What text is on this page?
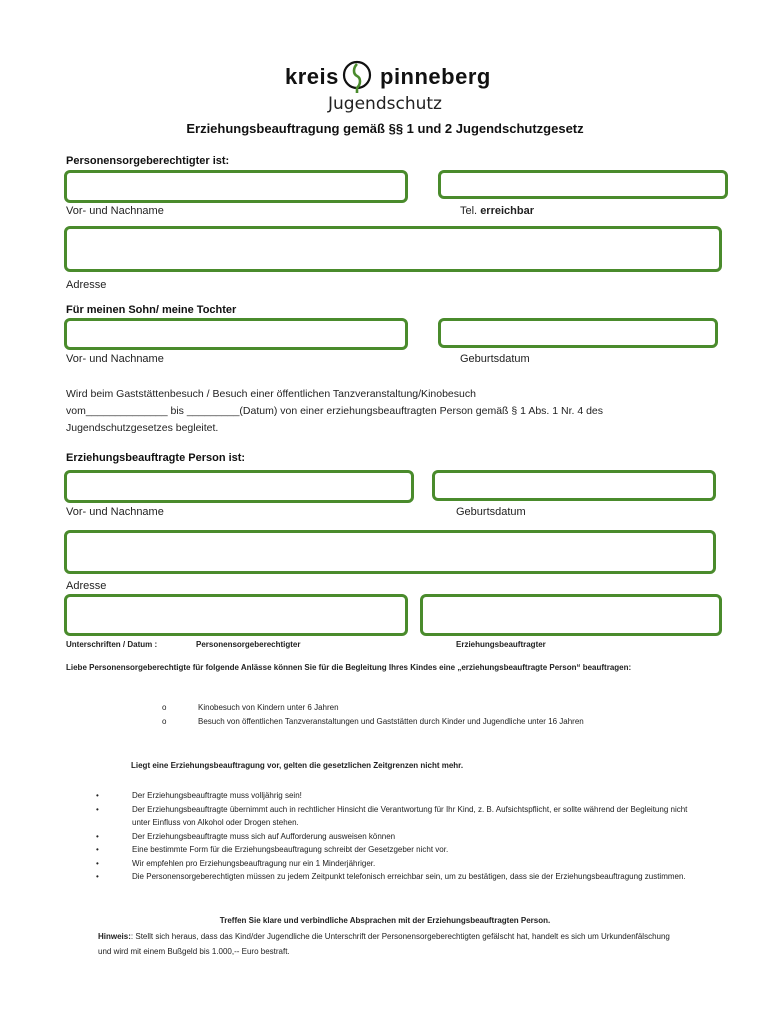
kreis pinneberg
Jugendschutz
Erziehungsbeauftragung gemäß §§ 1 und 2 Jugendschutzgesetz
Personensorgeberechtigter ist:
Vor- und Nachname	Tel. erreichbar
Adresse
Für meinen Sohn/ meine Tochter
Vor- und Nachname	Geburtsdatum
Wird beim Gaststättenbesuch / Besuch einer öffentlichen Tanzveranstaltung/Kinobesuch
vom______________ bis _________(Datum) von einer erziehungsbeauftragten Person gemäß § 1 Abs. 1 Nr. 4 des
Jugendschutzgesetzes begleitet.
Erziehungsbeauftragte Person ist:
Vor- und Nachname	Geburtsdatum
Adresse
Unterschriften / Datum :	Personensorgeberechtigter	Erziehungsbeauftragter
Liebe Personensorgeberechtigte für folgende Anlässe können Sie für die Begleitung Ihres Kindes eine „erziehungsbeauftragte Person“ beauftragen:
o	Kinobesuch von Kindern unter 6 Jahren
o	Besuch von öffentlichen Tanzveranstaltungen und Gaststätten durch Kinder und Jugendliche unter 16 Jahren
Liegt eine Erziehungsbeauftragung vor, gelten die gesetzlichen Zeitgrenzen nicht mehr.
•	Der Erziehungsbeauftragte muss volljährig sein!
•	Der Erziehungsbeauftragte übernimmt auch in rechtlicher Hinsicht die Verantwortung für Ihr Kind, z. B. Aufsichtspflicht, er sollte während der Begleitung nicht unter Einfluss von Alkohol oder Drogen stehen.
•	Der Erziehungsbeauftragte muss sich auf Aufforderung ausweisen können
•	Eine bestimmte Form für die Erziehungsbeauftragung schreibt der Gesetzgeber nicht vor.
•	Wir empfehlen pro Erziehungsbeauftragung nur ein 1 Minderjähriger.
•	Die Personensorgeberechtigten müssen zu jedem Zeitpunkt telefonisch erreichbar sein, um zu bestätigen, dass sie der Erziehungsbeauftragung zustimmen.
Treffen Sie klare und verbindliche Absprachen mit der Erziehungsbeauftragten Person.
Hinweis:: Stellt sich heraus, dass das Kind/der Jugendliche die Unterschrift der Personensorgeberechtigten gefälscht hat, handelt es sich um Urkundenfälschung und wird mit einem Bußgeld bis 1.000,-- Euro bestraft.
